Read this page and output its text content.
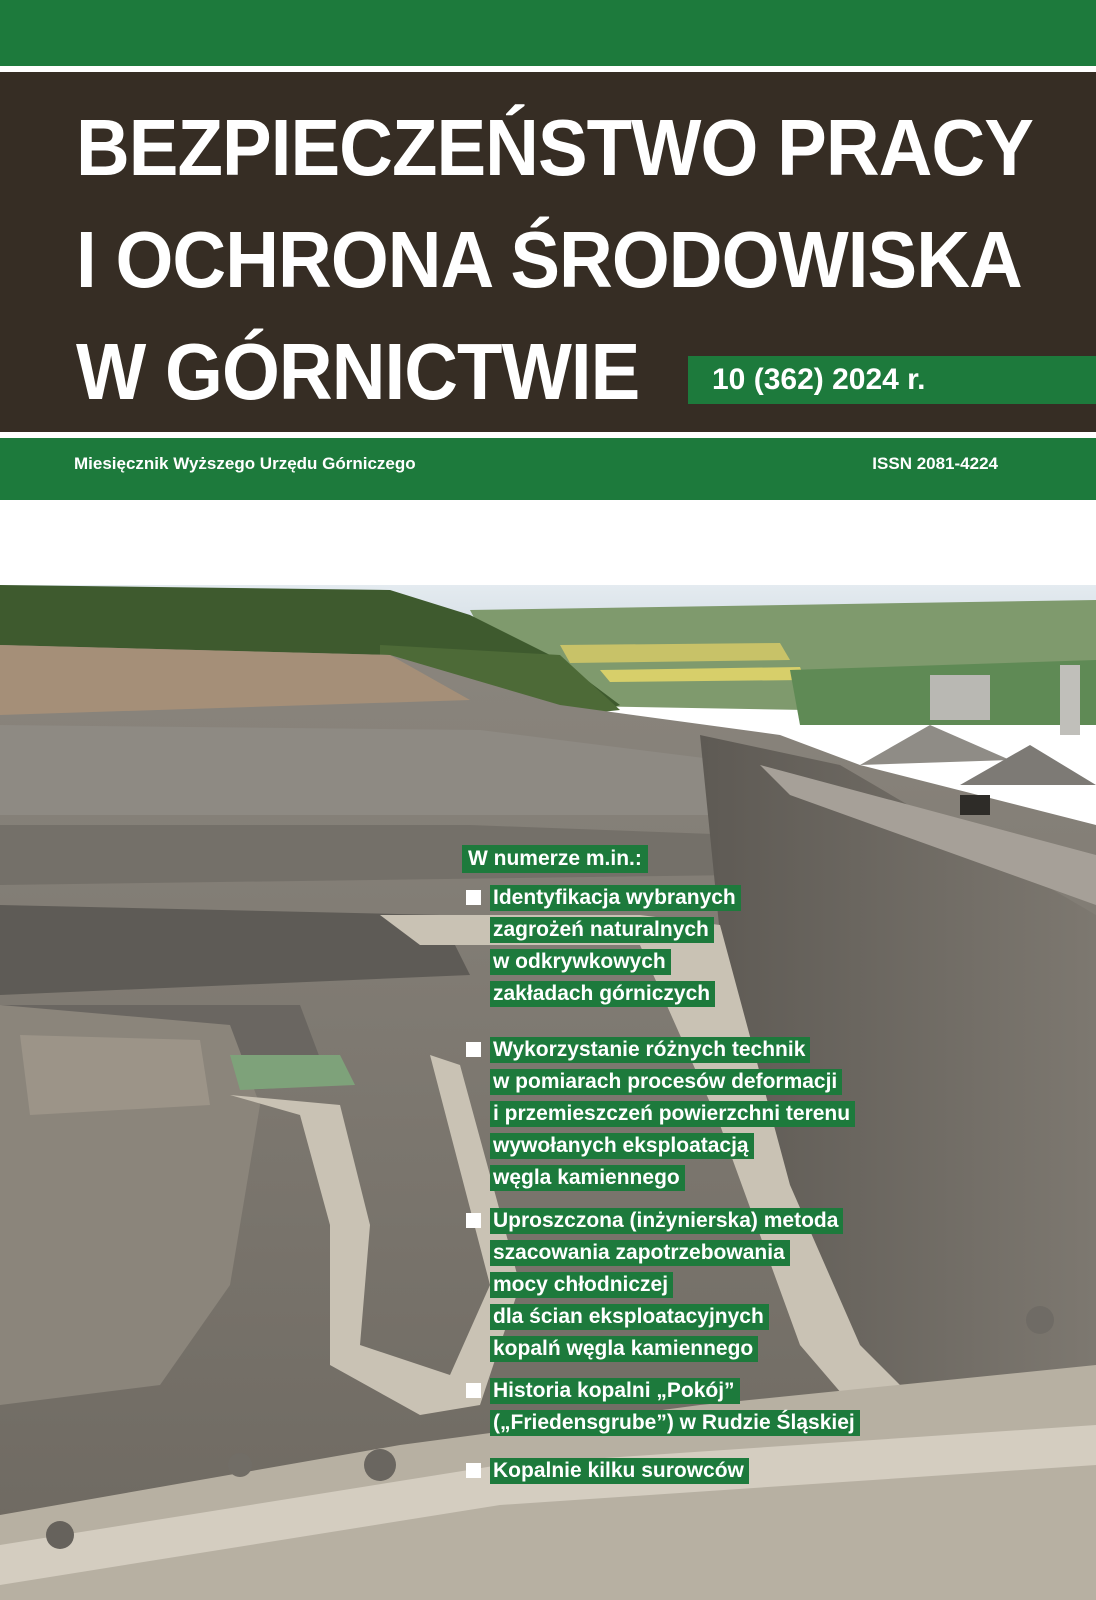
BEZPIECZEŃSTWO PRACY
I OCHRONA ŚRODOWISKA
W GÓRNICTWIE	10 (362) 2024 r.
Miesięcznik Wyższego Urzędu Górniczego	ISSN 2081-4224
W numerze m.in.:
Identyfikacja wybranych
zagrożeń naturalnych
w odkrywkowych
zakładach górniczych
Wykorzystanie różnych technik
w pomiarach procesów deformacji
i przemieszczeń powierzchni terenu
wywołanych eksploatacją
węgla kamiennego
Uproszczona (inżynierska) metoda
szacowania zapotrzebowania
mocy chłodniczej
dla ścian eksploatacyjnych
kopalń węgla kamiennego
Historia kopalni „Pokój”
(„Friedensgrube”) w Rudzie Śląskiej
Kopalnie kilku surowców
